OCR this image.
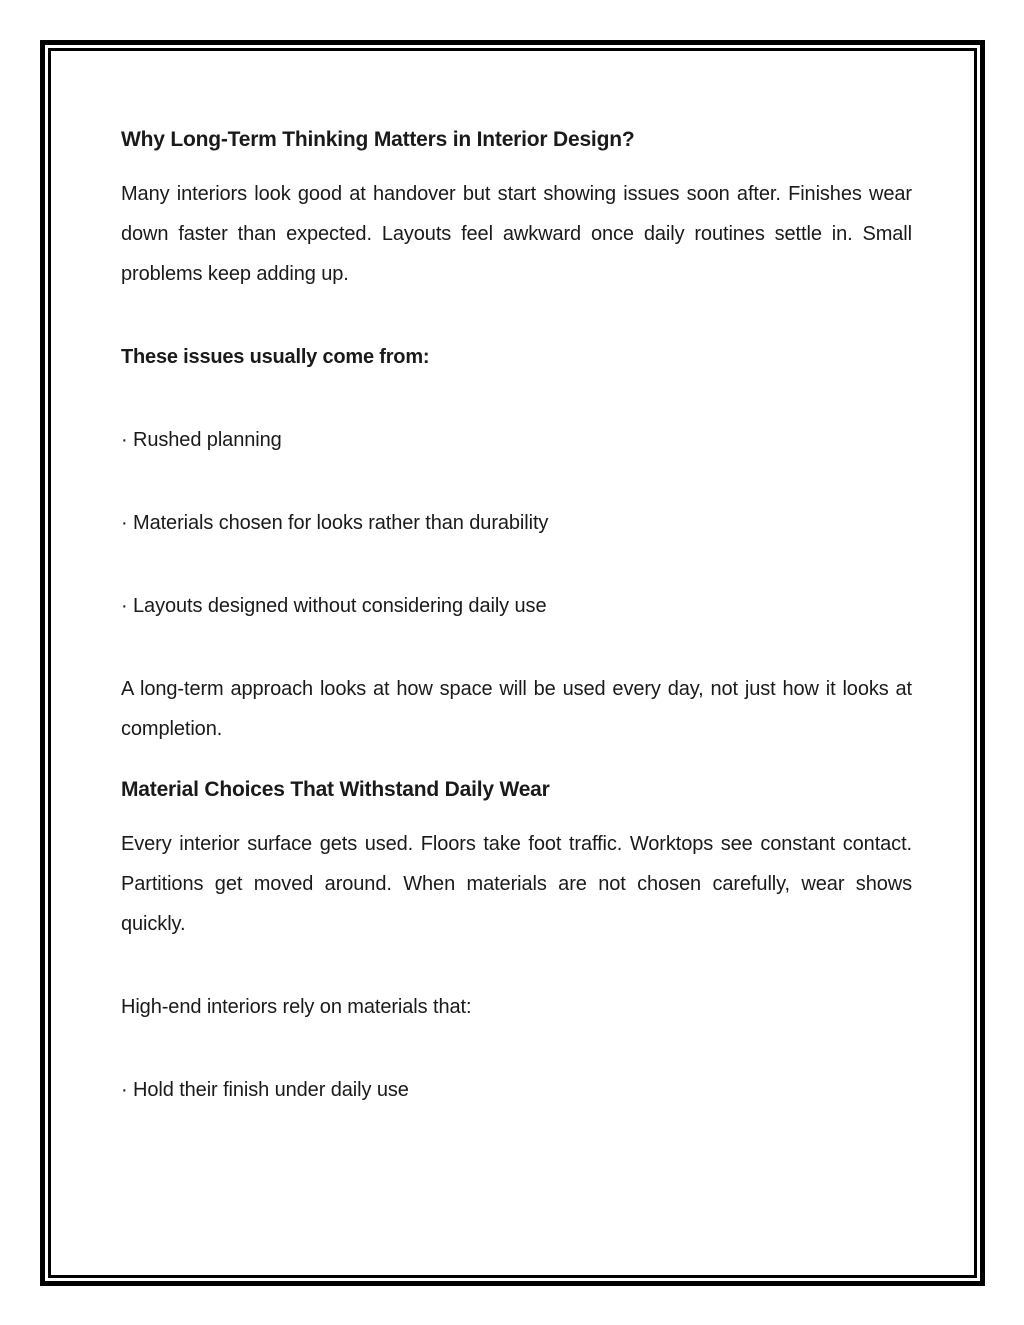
Why Long-Term Thinking Matters in Interior Design?

Many interiors look good at handover but start showing issues soon after. Finishes wear down faster than expected. Layouts feel awkward once daily routines settle in. Small problems keep adding up.

These issues usually come from:

· Rushed planning

· Materials chosen for looks rather than durability

· Layouts designed without considering daily use

A long-term approach looks at how space will be used every day, not just how it looks at completion.

Material Choices That Withstand Daily Wear

Every interior surface gets used. Floors take foot traffic. Worktops see constant contact. Partitions get moved around. When materials are not chosen carefully, wear shows quickly.

High-end interiors rely on materials that:

· Hold their finish under daily use
